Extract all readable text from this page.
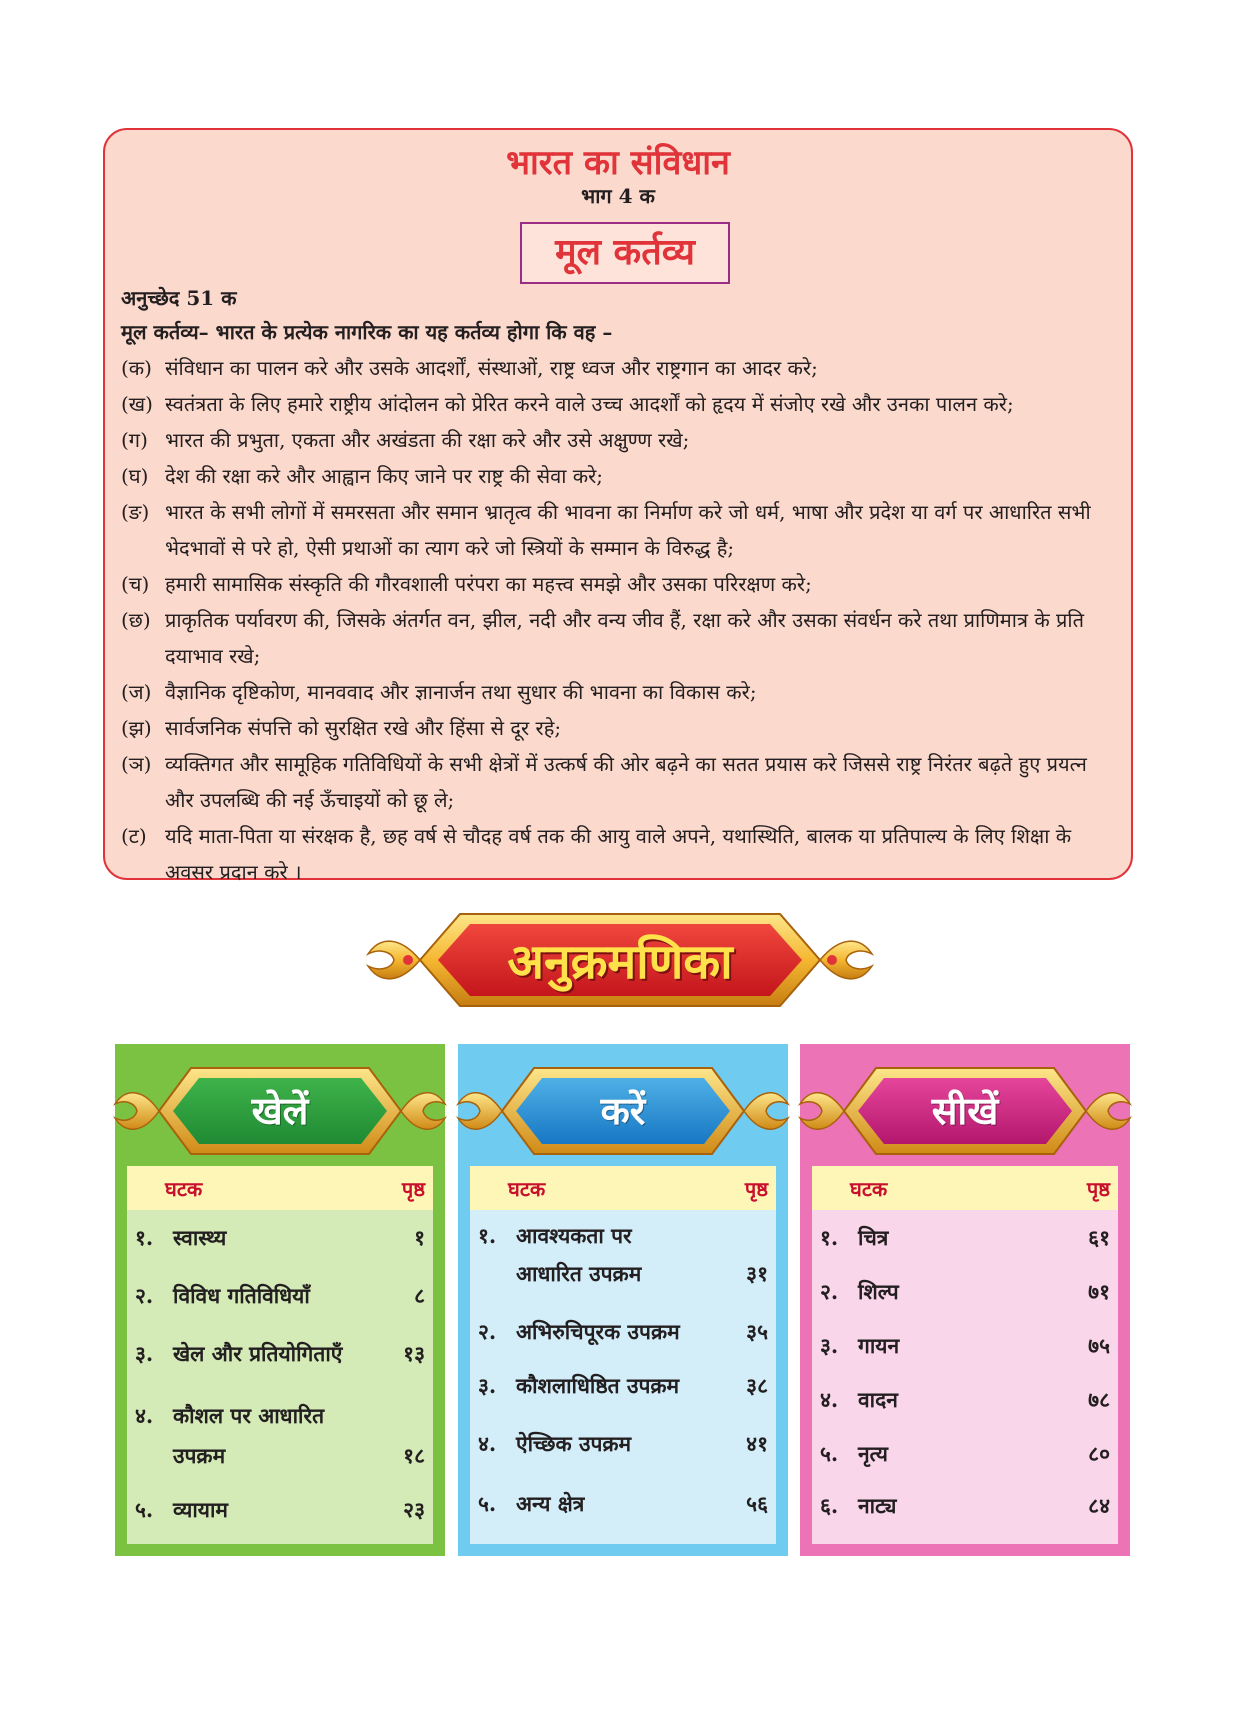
भारत का संविधान
भाग 4 क
मूल कर्तव्य
अनुच्छेद 51 क
मूल कर्तव्य– भारत के प्रत्येक नागरिक का यह कर्तव्य होगा कि वह –
(क) संविधान का पालन करे और उसके आदर्शों, संस्थाओं, राष्ट्र ध्वज और राष्ट्रगान का आदर करे;
(ख) स्वतंत्रता के लिए हमारे राष्ट्रीय आंदोलन को प्रेरित करने वाले उच्च आदर्शों को हृदय में संजोए रखे और उनका पालन करे;
(ग) भारत की प्रभुता, एकता और अखंडता की रक्षा करे और उसे अक्षुण्ण रखे;
(घ) देश की रक्षा करे और आह्वान किए जाने पर राष्ट्र की सेवा करे;
(ङ) भारत के सभी लोगों में समरसता और समान भ्रातृत्व की भावना का निर्माण करे जो धर्म, भाषा और प्रदेश या वर्ग पर आधारित सभी भेदभावों से परे हो, ऐसी प्रथाओं का त्याग करे जो स्त्रियों के सम्मान के विरुद्ध है;
(च) हमारी सामासिक संस्कृति की गौरवशाली परंपरा का महत्त्व समझे और उसका परिरक्षण करे;
(छ) प्राकृतिक पर्यावरण की, जिसके अंतर्गत वन, झील, नदी और वन्य जीव हैं, रक्षा करे और उसका संवर्धन करे तथा प्राणिमात्र के प्रति दयाभाव रखे;
(ज) वैज्ञानिक दृष्टिकोण, मानववाद और ज्ञानार्जन तथा सुधार की भावना का विकास करे;
(झ) सार्वजनिक संपत्ति को सुरक्षित रखे और हिंसा से दूर रहे;
(ञ) व्यक्तिगत और सामूहिक गतिविधियों के सभी क्षेत्रों में उत्कर्ष की ओर बढ़ने का सतत प्रयास करे जिससे राष्ट्र निरंतर बढ़ते हुए प्रयत्न और उपलब्धि की नई ऊँचाइयों को छू ले;
(ट) यदि माता-पिता या संरक्षक है, छह वर्ष से चौदह वर्ष तक की आयु वाले अपने, यथास्थिति, बालक या प्रतिपाल्य के लिए शिक्षा के अवसर प्रदान करे ।
अनुक्रमणिका
खेलें
घटक	पृष्ठ
१. स्वास्थ्य	१
२. विविध गतिविधियाँ	८
३. खेल और प्रतियोगिताएँ	१३
४. कौशल पर आधारित
उपक्रम	१८
५. व्यायाम	२३
करें
घटक	पृष्ठ
१. आवश्यकता पर
आधारित उपक्रम	३१
२. अभिरुचिपूरक उपक्रम	३५
३. कौशलाधिष्ठित उपक्रम	३८
४. ऐच्छिक उपक्रम	४१
५. अन्य क्षेत्र	५६
सीखें
घटक	पृष्ठ
१. चित्र	६१
२. शिल्प	७१
३. गायन	७५
४. वादन	७८
५. नृत्य	८०
६. नाट्य	८४
